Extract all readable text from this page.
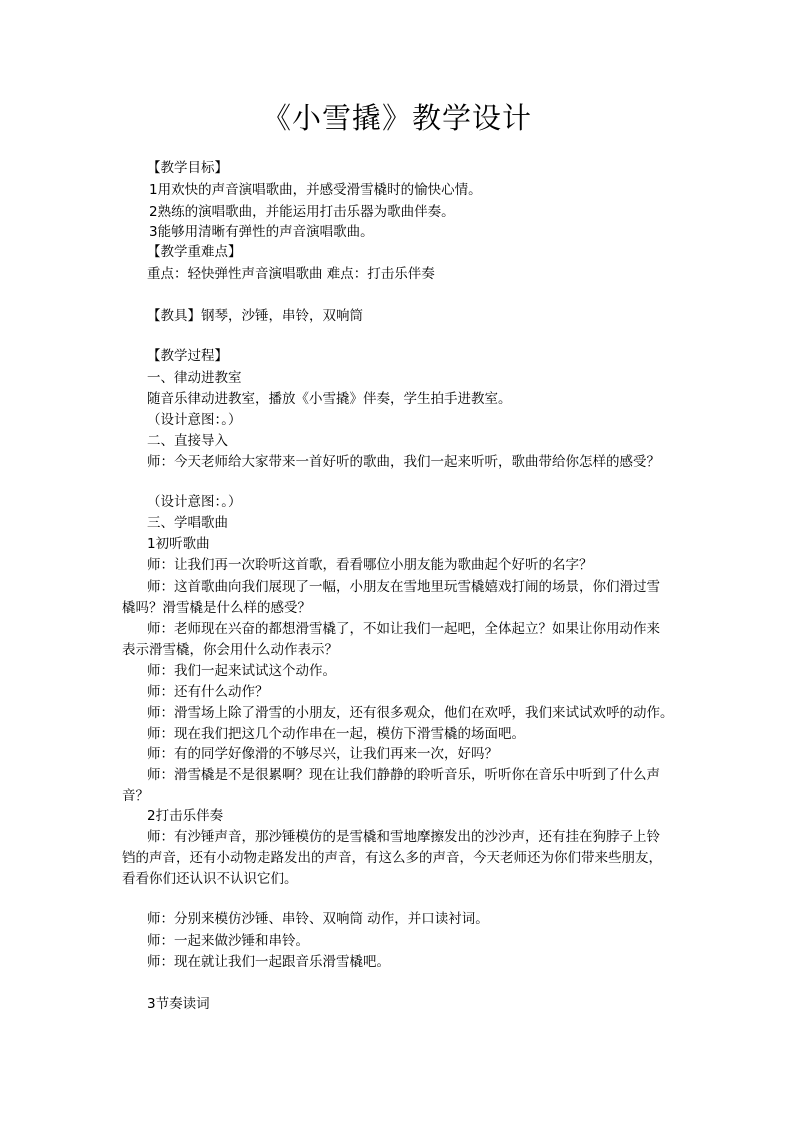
《小雪撬》教学设计
【教学目标】
1用欢快的声音演唱歌曲，并感受滑雪橇时的愉快心情。
2熟练的演唱歌曲，并能运用打击乐器为歌曲伴奏。
3能够用清晰有弹性的声音演唱歌曲。
【教学重难点】
重点：轻快弹性声音演唱歌曲 难点：打击乐伴奏
【教具】钢琴，沙锤，串铃，双响筒
【教学过程】
一、律动进教室
随音乐律动进教室，播放《小雪撬》伴奏，学生拍手进教室。
（设计意图：。）
二、直接导入
师：今天老师给大家带来一首好听的歌曲，我们一起来听听，歌曲带给你怎样的感受？
（设计意图：。）
三、学唱歌曲
1初听歌曲
师：让我们再一次聆听这首歌，看看哪位小朋友能为歌曲起个好听的名字？
师：这首歌曲向我们展现了一幅，小朋友在雪地里玩雪橇嬉戏打闹的场景，你们滑过雪
橇吗？滑雪橇是什么样的感受？
师：老师现在兴奋的都想滑雪橇了，不如让我们一起吧，全体起立？如果让你用动作来
表示滑雪橇，你会用什么动作表示？
师：我们一起来试试这个动作。
师：还有什么动作？
师：滑雪场上除了滑雪的小朋友，还有很多观众，他们在欢呼，我们来试试欢呼的动作。
师：现在我们把这几个动作串在一起，模仿下滑雪橇的场面吧。
师：有的同学好像滑的不够尽兴，让我们再来一次，好吗？
师：滑雪橇是不是很累啊？现在让我们静静的聆听音乐，听听你在音乐中听到了什么声
音？
2打击乐伴奏
师：有沙锤声音，那沙锤模仿的是雪橇和雪地摩擦发出的沙沙声，还有挂在狗脖子上铃
铛的声音，还有小动物走路发出的声音，有这么多的声音，今天老师还为你们带来些朋友，
看看你们还认识不认识它们。
师：分别来模仿沙锤、串铃、双响筒 动作，并口读衬词。
师：一起来做沙锤和串铃。
师：现在就让我们一起跟音乐滑雪橇吧。
3节奏读词
